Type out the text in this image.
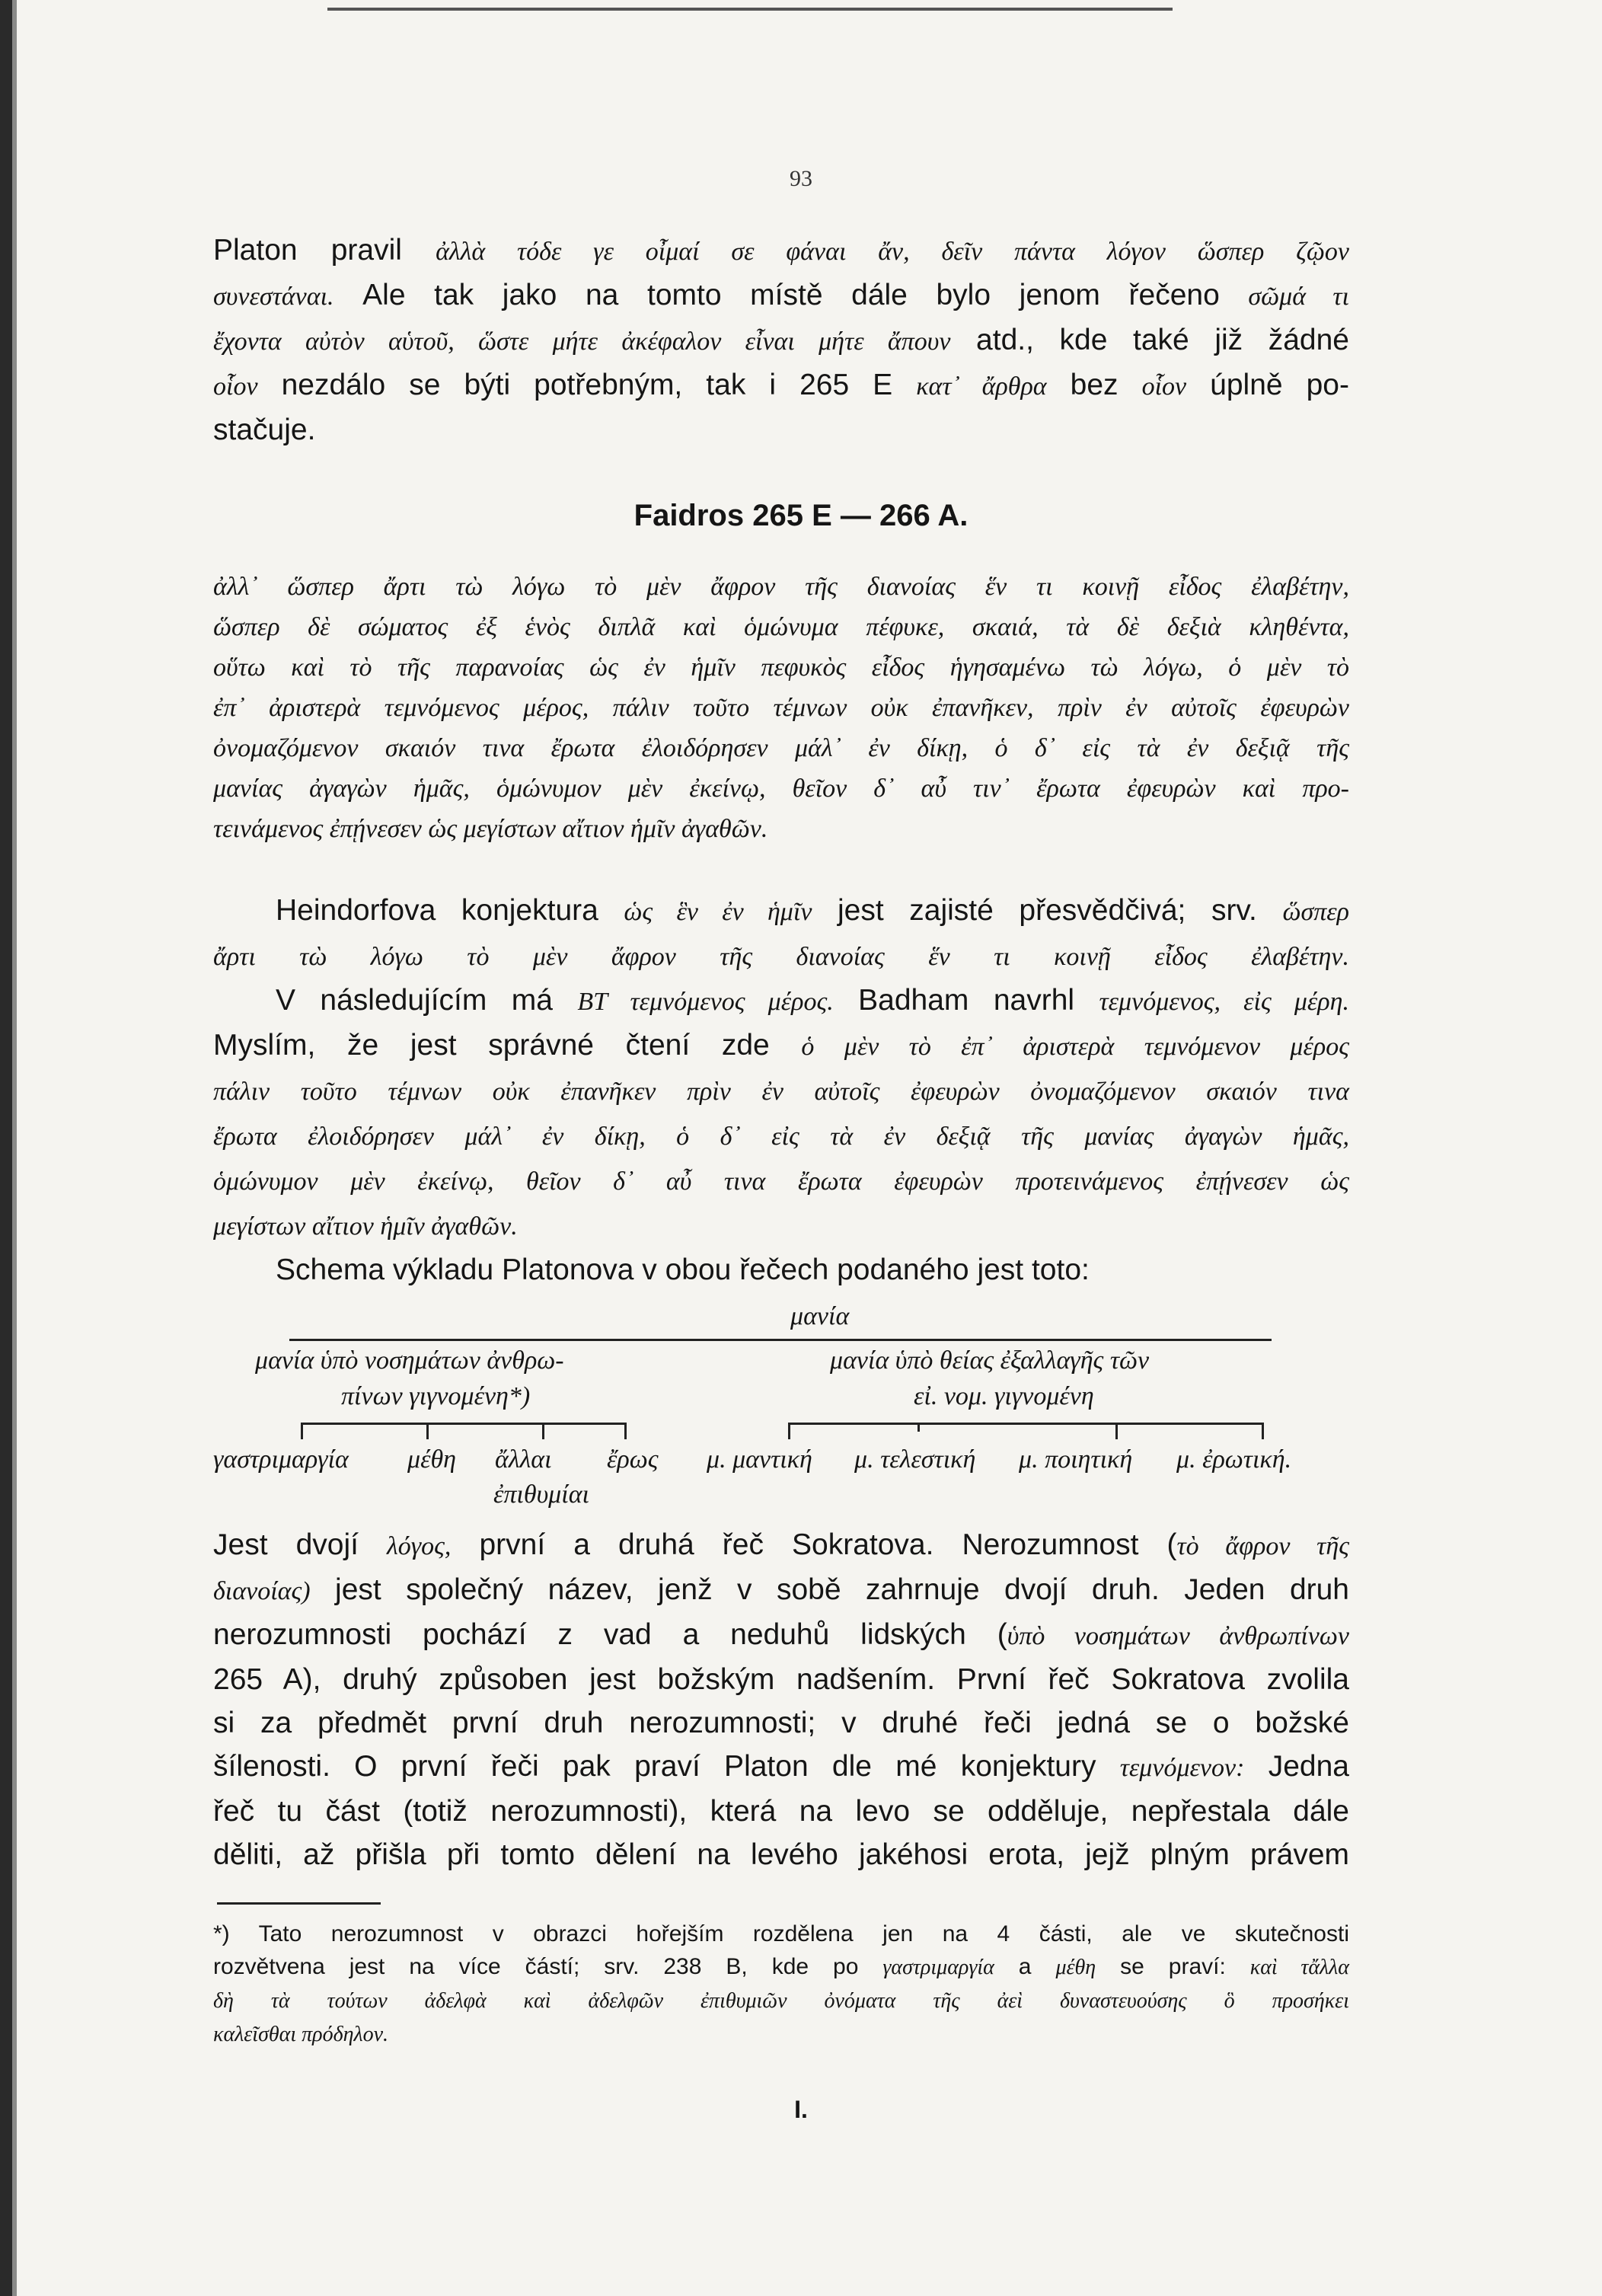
93
Platon pravil ἀλλὰ τόδε γε οἶμαί σε φάναι ἄν, δεῖν πάντα λόγον ὥσπερ ζῷον
συνεστάναι. Ale tak jako na tomto místě dále bylo jenom řečeno σῶμά τι
ἔχοντα αὐτὸν αὑτοῦ, ὥστε μήτε ἀκέφαλον εἶναι μήτε ἄπουν atd., kde také již žádné
οἷον nezdálo se býti potřebným, tak i 265 E κατ᾽ ἄρθρα bez οἷον úplně po-
stačuje.
Faidros 265 E — 266 A.
ἀλλ᾽ ὥσπερ ἄρτι τὼ λόγω τὸ μὲν ἄφρον τῆς διανοίας ἕν τι κοινῇ εἶδος ἐλαβέτην,
ὥσπερ δὲ σώματος ἐξ ἑνὸς διπλᾶ καὶ ὁμώνυμα πέφυκε, σκαιά, τὰ δὲ δεξιὰ κληθέντα,
οὕτω καὶ τὸ τῆς παρανοίας ὡς ἐν ἡμῖν πεφυκὸς εἶδος ἡγησαμένω τὼ λόγω, ὁ μὲν τὸ
ἐπ᾽ ἀριστερὰ τεμνόμενος μέρος, πάλιν τοῦτο τέμνων οὐκ ἐπανῆκεν, πρὶν ἐν αὐτοῖς ἐφευρὼν
ὀνομαζόμενον σκαιόν τινα ἔρωτα ἐλοιδόρησεν μάλ᾽ ἐν δίκῃ, ὁ δ᾽ εἰς τὰ ἐν δεξιᾷ τῆς
μανίας ἀγαγὼν ἡμᾶς, ὁμώνυμον μὲν ἐκείνῳ, θεῖον δ᾽ αὖ τιν᾽ ἔρωτα ἐφευρὼν καὶ προ-
τεινάμενος ἐπῄνεσεν ὡς μεγίστων αἴτιον ἡμῖν ἀγαθῶν.
Heindorfova konjektura ὡς ἓν ἐν ἡμῖν jest zajisté přesvědčivá; srv. ὥσπερ
ἄρτι τὼ λόγω τὸ μὲν ἄφρον τῆς διανοίας ἕν τι κοινῇ εἶδος ἐλαβέτην.
V následujícím má BT τεμνόμενος μέρος. Badham navrhl τεμνόμενος, εἰς μέρη.
Myslím, že jest správné čtení zde ὁ μὲν τὸ ἐπ᾽ ἀριστερὰ τεμνόμενον μέρος
πάλιν τοῦτο τέμνων οὐκ ἐπανῆκεν πρὶν ἐν αὐτοῖς ἐφευρὼν ὀνομαζόμενον σκαιόν τινα
ἔρωτα ἐλοιδόρησεν μάλ᾽ ἐν δίκῃ, ὁ δ᾽ εἰς τὰ ἐν δεξιᾷ τῆς μανίας ἀγαγὼν ἡμᾶς,
ὁμώνυμον μὲν ἐκείνῳ, θεῖον δ᾽ αὖ τινα ἔρωτα ἐφευρὼν προτεινάμενος ἐπῄνεσεν ὡς
μεγίστων αἴτιον ἡμῖν ἀγαθῶν.
Schema výkladu Platonova v obou řečech podaného jest toto:
μανία
μανία ὑπὸ νοσημάτων ἀνθρω-
πίνων γιγνομένη*)
μανία ὑπὸ θείας ἐξαλλαγῆς τῶν
εἰ. νομ. γιγνομένη
γαστριμαργία μέθη ἄλλαι ἔρως
ἐπιθυμίαι
μ. μαντική μ. τελεστική μ. ποιητική μ. ἐρωτική.
Jest dvojí λόγος, první a druhá řeč Sokratova. Nerozumnost (τὸ ἄφρον τῆς
διανοίας) jest společný název, jenž v sobě zahrnuje dvojí druh. Jeden druh
nerozumnosti pochází z vad a neduhů lidských (ὑπὸ νοσημάτων ἀνθρωπίνων
265 A), druhý způsoben jest božským nadšením. První řeč Sokratova zvolila
si za předmět první druh nerozumnosti; v druhé řeči jedná se o božské
šílenosti. O první řeči pak praví Platon dle mé konjektury τεμνόμενον: Jedna
řeč tu část (totiž nerozumnosti), která na levo se odděluje, nepřestala dále
děliti, až přišla při tomto dělení na levého jakéhosi erota, jejž plným právem
*) Tato nerozumnost v obrazci hořejším rozdělena jen na 4 části, ale ve skutečnosti
rozvětvena jest na více částí; srv. 238 B, kde po γαστριμαργία a μέθη se praví: καὶ τἄλλα
δὴ τὰ τούτων ἀδελφὰ καὶ ἀδελφῶν ἐπιθυμιῶν ὀνόματα τῆς ἀεὶ δυναστευούσης ὃ προσήκει
καλεῖσθαι πρόδηλον.
I.
